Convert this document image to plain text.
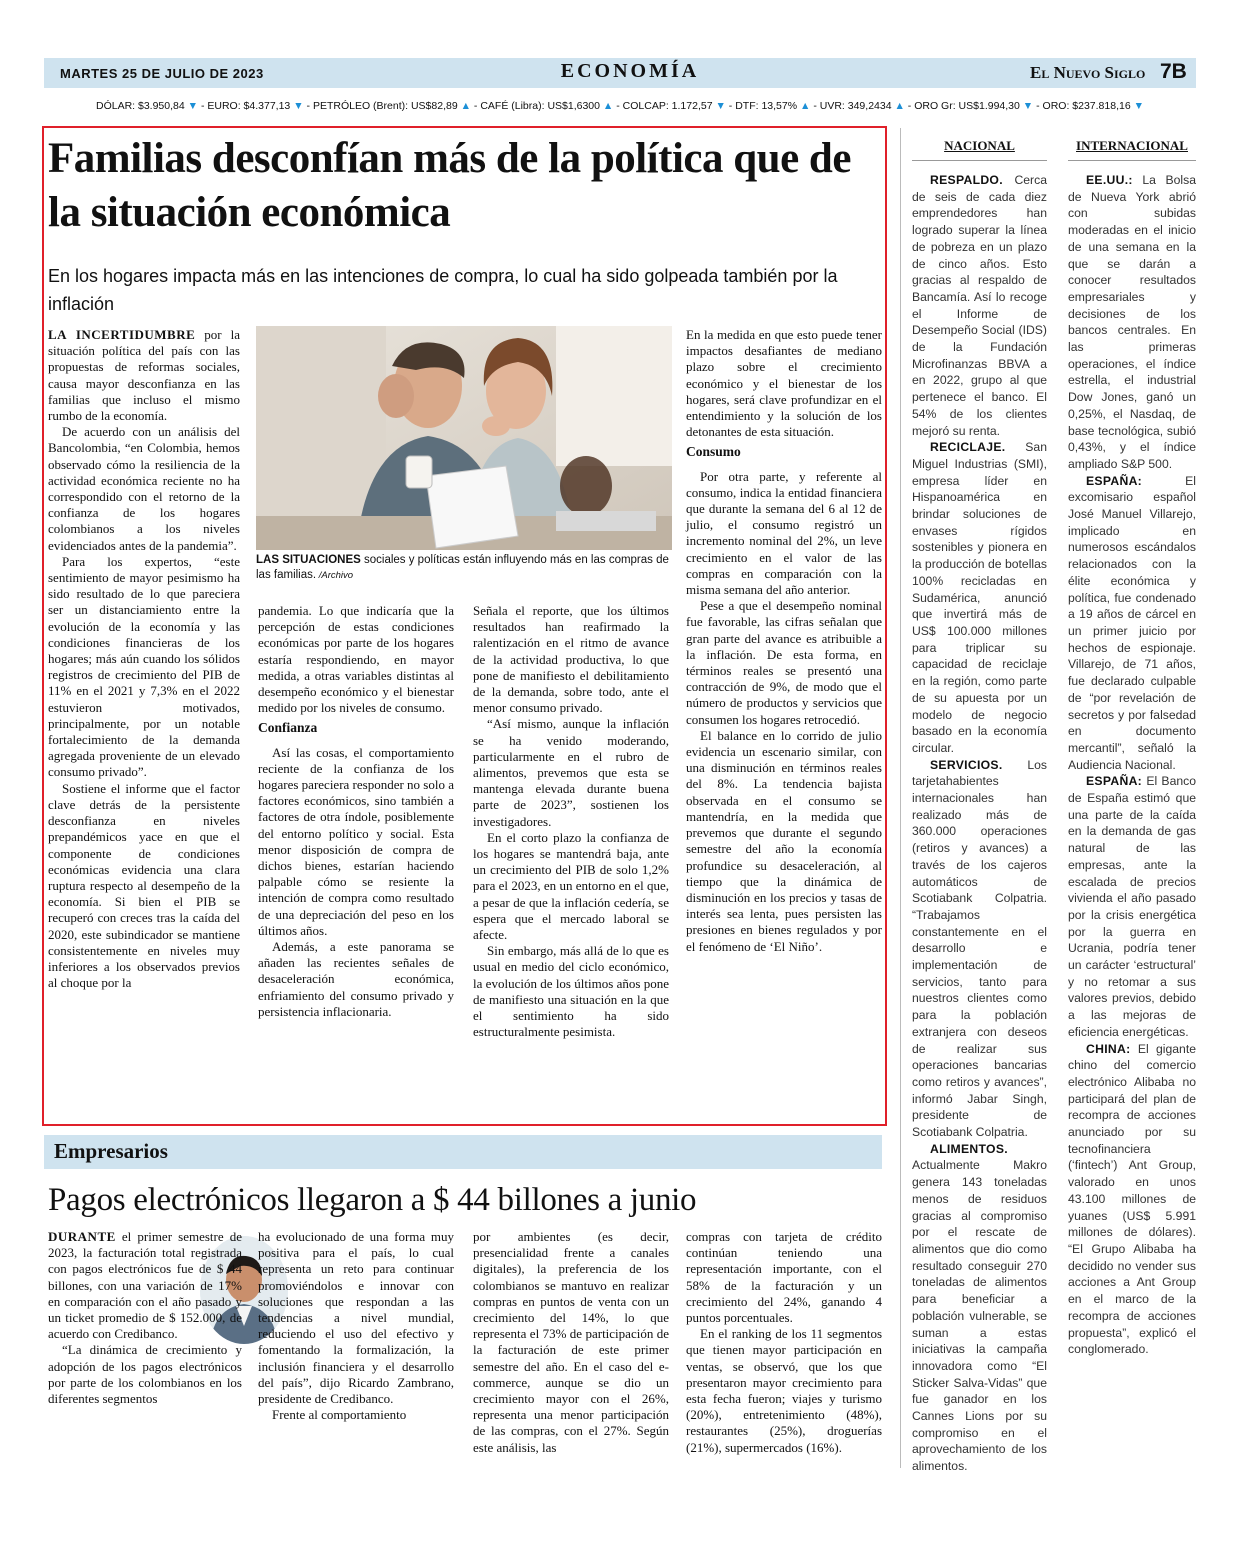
MARTES 25 DE JULIO DE 2023	ECONOMÍA	El Nuevo Siglo 7B
DÓLAR: $3.950,84 ▼ - EURO: $4.377,13 ▼ - PETRÓLEO (Brent): US$82,89 ▲ - CAFÉ (Libra): US$1,6300 ▲ - COLCAP: 1.172,57 ▼ - DTF: 13,57% ▲ - UVR: 349,2434 ▲ - ORO Gr: US$1.994,30 ▼ - ORO: $237.818,16 ▼
Familias desconfían más de la política que de la situación económica
En los hogares impacta más en las intenciones de compra, lo cual ha sido golpeada también por la inflación

LA INCERTIDUMBRE por la situación política del país con las propuestas de reformas sociales, causa mayor desconfianza en las familias que incluso el mismo rumbo de la economía.

De acuerdo con un análisis del Bancolombia, “en Colombia, hemos observado cómo la resiliencia de la actividad económica reciente no ha correspondido con el retorno de la confianza de los hogares colombianos a los niveles evidenciados antes de la pandemia”.

Para los expertos, “este sentimiento de mayor pesimismo ha sido resultado de lo que pareciera ser un distanciamiento entre la evolución de la economía y las condiciones financieras de los hogares; más aún cuando los sólidos registros de crecimiento del PIB de 11% en el 2021 y 7,3% en el 2022 estuvieron motivados, principalmente, por un notable fortalecimiento de la demanda agregada proveniente de un elevado consumo privado”.

Sostiene el informe que el factor clave detrás de la persistente desconfianza en niveles prepandémicos yace en que el componente de condiciones económicas evidencia una clara ruptura respecto al desempeño de la economía. Si bien el PIB se recuperó con creces tras la caída del 2020, este subindicador se mantiene consistentemente en niveles muy inferiores a los observados previos al choque por la

LAS SITUACIONES sociales y políticas están influyendo más en las compras de las familias. /Archivo

pandemia. Lo que indicaría que la percepción de estas condiciones económicas por parte de los hogares estaría respondiendo, en mayor medida, a otras variables distintas al desempeño económico y el bienestar medido por los niveles de consumo.

Confianza

Así las cosas, el comportamiento reciente de la confianza de los hogares pareciera responder no solo a factores económicos, sino también a factores de otra índole, posiblemente del entorno político y social. Esta menor disposición de compra de dichos bienes, estarían haciendo palpable cómo se resiente la intención de compra como resultado de una depreciación del peso en los últimos años.

Además, a este panorama se añaden las recientes señales de desaceleración económica, enfriamiento del consumo privado y persistencia inflacionaria.

Señala el reporte, que los últimos resultados han reafirmado la ralentización en el ritmo de avance de la actividad productiva, lo que pone de manifiesto el debilitamiento de la demanda, sobre todo, ante el menor consumo privado.

“Así mismo, aunque la inflación se ha venido moderando, particularmente en el rubro de alimentos, prevemos que esta se mantenga elevada durante buena parte de 2023”, sostienen los investigadores.

En el corto plazo la confianza de los hogares se mantendrá baja, ante un crecimiento del PIB de solo 1,2% para el 2023, en un entorno en el que, a pesar de que la inflación cedería, se espera que el mercado laboral se afecte.

Sin embargo, más allá de lo que es usual en medio del ciclo económico, la evolución de los últimos años pone de manifiesto una situación en la que el sentimiento ha sido estructuralmente pesimista.

En la medida en que esto puede tener impactos desafiantes de mediano plazo sobre el crecimiento económico y el bienestar de los hogares, será clave profundizar en el entendimiento y la solución de los detonantes de esta situación.

Consumo

Por otra parte, y referente al consumo, indica la entidad financiera que durante la semana del 6 al 12 de julio, el consumo registró un incremento nominal del 2%, un leve crecimiento en el valor de las compras en comparación con la misma semana del año anterior.

Pese a que el desempeño nominal fue favorable, las cifras señalan que gran parte del avance es atribuible a la inflación. De esta forma, en términos reales se presentó una contracción de 9%, de modo que el número de productos y servicios que consumen los hogares retrocedió.

El balance en lo corrido de julio evidencia un escenario similar, con una disminución en términos reales del 8%. La tendencia bajista observada en el consumo se mantendría, en la medida que prevemos que durante el segundo semestre del año la economía profundice su desaceleración, al tiempo que la dinámica de disminución en los precios y tasas de interés sea lenta, pues persisten las presiones en bienes regulados y por el fenómeno de ‘El Niño’.

Empresarios
Pagos electrónicos llegaron a $ 44 billones a junio

DURANTE el primer semestre de 2023, la facturación total registrada con pagos electrónicos fue de $ 44 billones, con una variación de 17% en comparación con el año pasado y un ticket promedio de $ 152.000, de acuerdo con Credibanco.

“La dinámica de crecimiento y adopción de los pagos electrónicos por parte de los colombianos en los diferentes segmentos

ha evolucionado de una forma muy positiva para el país, lo cual representa un reto para continuar promoviéndolos e innovar con soluciones que respondan a las tendencias a nivel mundial, reduciendo el uso del efectivo y fomentando la formalización, la inclusión financiera y el desarrollo del país”, dijo Ricardo Zambrano, presidente de Credibanco.

Frente al comportamiento

por ambientes (es decir, presencialidad frente a canales digitales), la preferencia de los colombianos se mantuvo en realizar compras en puntos de venta con un crecimiento del 14%, lo que representa el 73% de participación de la facturación de este primer semestre del año. En el caso del e-commerce, aunque se dio un crecimiento mayor con el 26%, representa una menor participación de las compras, con el 27%. Según este análisis, las

compras con tarjeta de crédito continúan teniendo una representación importante, con el 58% de la facturación y un crecimiento del 24%, ganando 4 puntos porcentuales.

En el ranking de los 11 segmentos que tienen mayor participación en ventas, se observó, que los que presentaron mayor crecimiento para esta fecha fueron; viajes y turismo (20%), entretenimiento (48%), restaurantes (25%), droguerías (21%), supermercados (16%).

NACIONAL

RESPALDO. Cerca de seis de cada diez emprendedores han logrado superar la línea de pobreza en un plazo de cinco años. Esto gracias al respaldo de Bancamía. Así lo recoge el Informe de Desempeño Social (IDS) de la Fundación Microfinanzas BBVA a en 2022, grupo al que pertenece el banco. El 54% de los clientes mejoró su renta.

RECICLAJE. San Miguel Industrias (SMI), empresa líder en Hispanoamérica en brindar soluciones de envases rígidos sostenibles y pionera en la producción de botellas 100% recicladas en Sudamérica, anunció que invertirá más de US$ 100.000 millones para triplicar su capacidad de reciclaje en la región, como parte de su apuesta por un modelo de negocio basado en la economía circular.

SERVICIOS. Los tarjetahabientes internacionales han realizado más de 360.000 operaciones (retiros y avances) a través de los cajeros automáticos de Scotiabank Colpatria. “Trabajamos constantemente en el desarrollo e implementación de servicios, tanto para nuestros clientes como para la población extranjera con deseos de realizar sus operaciones bancarias como retiros y avances”, informó Jabar Singh, presidente de Scotiabank Colpatria.

ALIMENTOS. Actualmente Makro genera 143 toneladas menos de residuos gracias al compromiso por el rescate de alimentos que dio como resultado conseguir 270 toneladas de alimentos para beneficiar a población vulnerable, se suman a estas iniciativas la campaña innovadora como “El Sticker Salva-Vidas” que fue ganador en los Cannes Lions por su compromiso en el aprovechamiento de los alimentos.

INTERNACIONAL

EE.UU.: La Bolsa de Nueva York abrió con subidas moderadas en el inicio de una semana en la que se darán a conocer resultados empresariales y decisiones de los bancos centrales. En las primeras operaciones, el índice estrella, el industrial Dow Jones, ganó un 0,25%, el Nasdaq, de base tecnológica, subió 0,43%, y el índice ampliado S&P 500.

ESPAÑA: El excomisario español José Manuel Villarejo, implicado en numerosos escándalos relacionados con la élite económica y política, fue condenado a 19 años de cárcel en un primer juicio por hechos de espionaje. Villarejo, de 71 años, fue declarado culpable de “por revelación de secretos y por falsedad en documento mercantil”, señaló la Audiencia Nacional.

ESPAÑA: El Banco de España estimó que una parte de la caída en la demanda de gas natural de las empresas, ante la escalada de precios vivienda el año pasado por la crisis energética por la guerra en Ucrania, podría tener un carácter ‘estructural’ y no retomar a sus valores previos, debido a las mejoras de eficiencia energéticas.

CHINA: El gigante chino del comercio electrónico Alibaba no participará del plan de recompra de acciones anunciado por su tecnofinanciera (‘fintech’) Ant Group, valorado en unos 43.100 millones de yuanes (US$ 5.991 millones de dólares). “El Grupo Alibaba ha decidido no vender sus acciones a Ant Group en el marco de la recompra de acciones propuesta”, explicó el conglomerado.
